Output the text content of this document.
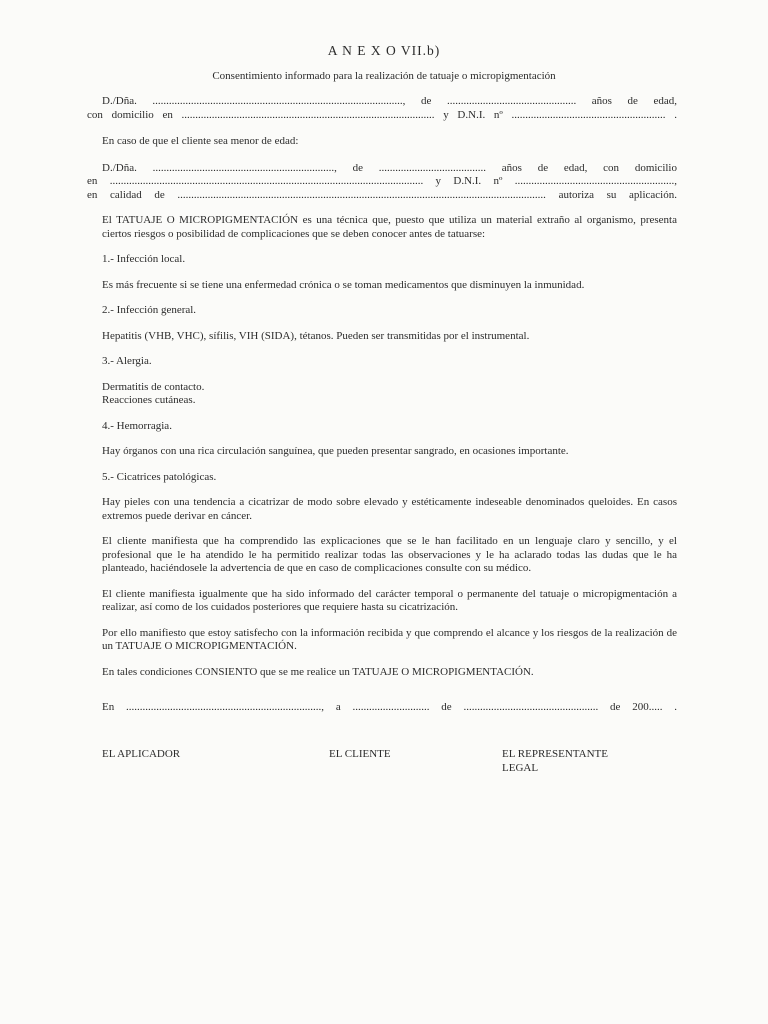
A N E X O VII.b)
Consentimiento informado para la realización de tatuaje o micropigmentación
D./Dña. ..........................................................................................., de ............................................... años de edad,
con domicilio en ............................................................................................ y D.N.I. nº ........................................................ .
En caso de que el cliente sea menor de edad:
D./Dña. .................................................................., de ....................................... años de edad, con domicilio
en .................................................................................................................. y D.N.I. nº ..........................................................,
en calidad de ...................................................................................................................................... autoriza su aplicación.
El TATUAJE O MICROPIGMENTACIÓN es una técnica que, puesto que utiliza un material extraño al organismo, presenta ciertos riesgos o posibilidad de complicaciones que se deben conocer antes de tatuarse:
1.- Infección local.
Es más frecuente si se tiene una enfermedad crónica o se toman medicamentos que disminuyen la inmunidad.
2.- Infección general.
Hepatitis (VHB, VHC), sífilis, VIH (SIDA), tétanos. Pueden ser transmitidas por el instrumental.
3.- Alergia.
Dermatitis de contacto.
Reacciones cutáneas.
4.- Hemorragia.
Hay órganos con una rica circulación sanguínea, que pueden presentar sangrado, en ocasiones importante.
5.- Cicatrices patológicas.
Hay pieles con una tendencia a cicatrizar de modo sobre elevado y estéticamente indeseable denominados queloides. En casos extremos puede derivar en cáncer.
El cliente manifiesta que ha comprendido las explicaciones que se le han facilitado en un lenguaje claro y sencillo, y el profesional que le ha atendido le ha permitido realizar todas las observaciones y le ha aclarado todas las dudas que le ha planteado, haciéndosele la advertencia de que en caso de complicaciones consulte con su médico.
El cliente manifiesta igualmente que ha sido informado del carácter temporal o permanente del tatuaje o micropigmentación a realizar, así como de los cuidados posteriores que requiere hasta su cicatrización.
Por ello manifiesto que estoy satisfecho con la información recibida y que comprendo el alcance y los riesgos de la realización de un TATUAJE O MICROPIGMENTACIÓN.
En tales condiciones CONSIENTO que se me realice un TATUAJE O MICROPIGMENTACIÓN.
En ......................................................................., a ............................ de ................................................. de 200..... .
EL APLICADOR	EL CLIENTE	EL REPRESENTANTE
LEGAL
